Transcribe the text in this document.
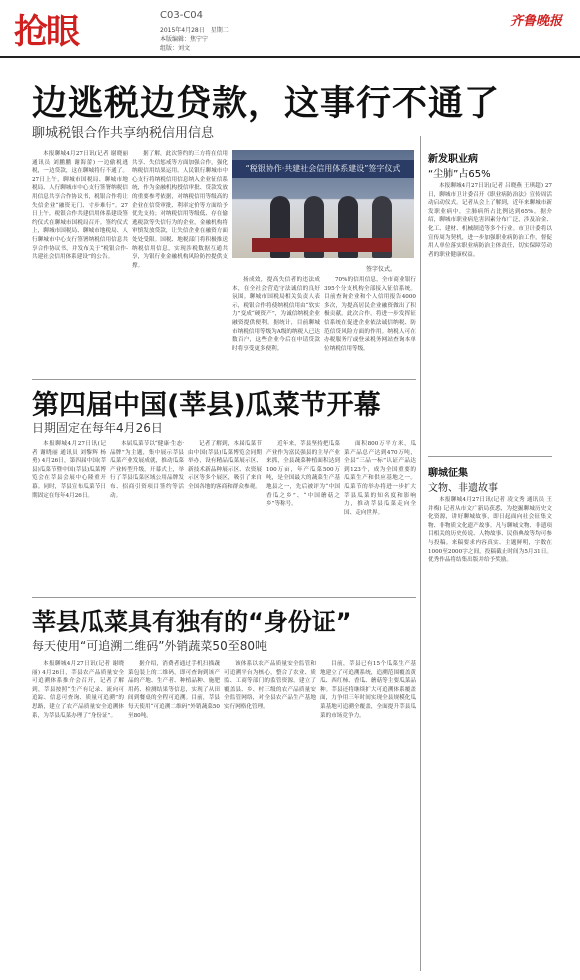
抢眼	C03-C04
2015年4月28日　星期二
本版编辑：焦宁宁
组版：刘文
齐鲁晚报
边逃税边贷款，这事行不通了
聊城税银合作共享纳税信用信息

本报聊城4月27日讯(记者 谢晓丽 通讯员 刘鹏鹏 谢海蕾) 一边偷税逃税，一边贷款，这在聊城将行不通了。27日上午，聊城市国税局、聊城市地税局、人行聊城市中心支行签署纳税信用信息共享合作协议书，税银合作将让失信企业“融资无门、寸步难行”。27日上午，税银合作共建信用体系建设签约仪式在聊城市国税局召开。签约仪式上，聊城市国税局、聊城市地税局、人行聊城市中心支行签署纳税信用信息共享合作协议书，并发布关于“税银合作-共建社会信用体系建设”的公告。

据了解，此次签约的三方将在信用共享、失信惩戒等方面加强合作，强化纳税信用结果运用。人民银行聊城市中心支行将纳税信用信息纳入企业征信系统，作为金融机构授信审批、贷款发放的重要参考依据，对纳税信用等级高的企业在信贷审批、利率定价等方面给予优先支持；对纳税信用等级低、存在偷逃税款等失信行为的企业，金融机构将审慎发放贷款，让失信企业在融资方面处处受限。国税、地税部门将积极推送纳税信用信息，实现涉税数据互通共享，为银行业金融机构风险防控提供支撑。

“税银协作·共建社会信用体系建设”签字仪式
签字仪式。

扬成效，提高失信者的违法成本，在全社会营造守法诚信的良好氛围。聊城市国税局相关负责人表示，税银合作将使纳税信用由“软实力”变成“硬资产”，为诚信纳税企业融资提供便利。据统计，目前聊城市纳税信用等级为A级的纳税人已达数百户，这些企业今后在申请贷款时将享受更多便利。

70%的信用信息，全市商业银行395个分支机构全部接入征信系统。目前查询企业和个人信用报告4000多次，为提高居民企业融资做出了积极贡献。此次合作，将进一步发挥征信系统在促进企业依法诚信纳税、防范信贷风险方面的作用。纳税人可在办税服务厅或登录税务网站查询本单位纳税信用等级。

第四届中国(莘县)瓜菜节开幕
日期固定在每年4月26日

本报聊城4月27日讯(记者 谢晓丽 通讯员 刘黎辉 杨勇) 4月26日，第四届中国(莘县)瓜菜节暨中国(莘县)瓜菜博览会在莘县会展中心隆重开幕。同时，莘县宣布瓜菜节日期固定在每年4月26日。

本届瓜菜节以“健康·生态·品牌”为主题，集中展示莘县瓜菜产业发展成就，推动瓜菜产业转型升级。开幕式上，举行了莘县瓜菜区域公用品牌发布、招商引资项目签约等活动。

记者了解到，本届瓜菜节由中国(莘县)瓜菜博览会同期举办，设有精品瓜菜展示区、新技术新品种展示区、农资展示区等多个展区，吸引了来自全国各地的客商和群众参观。

近年来，莘县坚持把瓜菜产业作为富民强县的主导产业来抓，全县蔬菜种植面积达到100万亩，年产瓜菜500万吨，是全国最大的蔬菜生产基地县之一，先后被评为“中国香瓜之乡”、“中国蘑菇之乡”等称号。

面积800万平方米，瓜菜产品总产达到470万吨，全县“三品一标”认证产品达到123个，成为全国重要的瓜菜生产和供应基地之一。瓜菜节的举办将进一步扩大莘县瓜菜的知名度和影响力，推动莘县瓜菜走向全国、走向世界。

莘县瓜菜具有独有的“身份证”
每天使用“可追溯二维码”外销蔬菜50至80吨

本报聊城4月27日讯(记者 谢晓丽) 4月26日，莘县农产品质量安全可追溯体系推介会召开，记者了解到，莘县按照“生产有记录、流向可追踪、信息可查询、质量可追溯”的思路，建立了农产品质量安全追溯体系，为莘县瓜菜办理了“身份证”。

据介绍，消费者通过手机扫描蔬菜包装上的二维码，即可查询到该产品的产地、生产者、种植品种、施肥用药、检测结果等信息，实现了从田间到餐桌的全程可追溯。目前，莘县每天使用“可追溯二维码”外销蔬菜50至80吨。

该体系以农产品质量安全监管和可追溯平台为核心，整合了农业、质监、工商等部门的监管资源，建立了覆盖县、乡、村三级的农产品质量安全监管网络，对全县农产品生产基地实行网格化管理。

目前，莘县已有15个瓜菜生产基地建立了可追溯系统，追溯范围覆盖黄瓜、西红柿、香瓜、蘑菇等主要瓜菜品种。莘县还将继续扩大可追溯体系覆盖面，力争用三年时间实现全县规模化瓜菜基地可追溯全覆盖，全面提升莘县瓜菜的市场竞争力。

新发职业病
“尘肺”占65%

本报聊城4月27日讯(记者 吕晓燕 王琪超) 27日，聊城市卫计委召开《职业病防治法》宣传周活动启动仪式。记者从会上了解到，近年来聊城市新发职业病中，尘肺病所占比例达到65%。据介绍，聊城市职业病危害因素分布广泛，涉及冶金、化工、建材、机械制造等多个行业。市卫计委将以宣传周为契机，进一步加强职业病防治工作，督促用人单位落实职业病防治主体责任，切实保障劳动者的职业健康权益。

聊城征集
文物、非遗故事

本报聊城4月27日讯(记者 凌文秀 通讯员 王井梅) 记者从市文广新局获悉，为挖掘聊城历史文化资源，讲好聊城故事，即日起面向社会征集文物、非物质文化遗产故事。凡与聊城文物、非遗项目相关的历史传说、人物故事、民俗典故等均可参与投稿。来稿要求内容真实、主题鲜明，字数在1000至2000字之间，投稿截止时间为5月31日。优秀作品将结集出版并给予奖励。
